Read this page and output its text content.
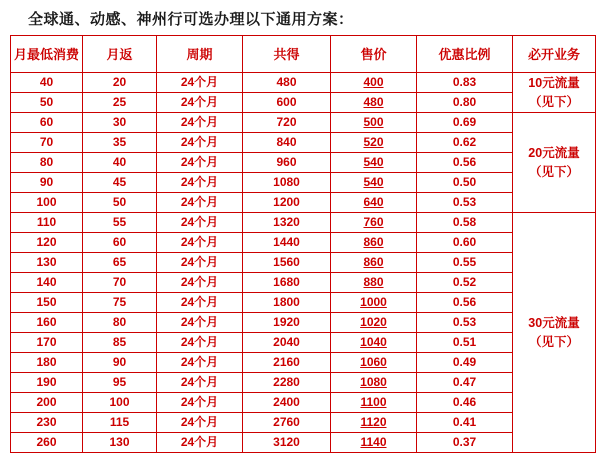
全球通、动感、神州行可选办理以下通用方案：
月最低消费	月返	周期	共得	售价	优惠比例	必开业务
40	20	24个月	480	400	0.83	10元流量
（见下）

50	25	24个月	600	480	0.80	
60	30	24个月	720	500	0.69	20元流量
（见下）

70	35	24个月	840	520	0.62	
80	40	24个月	960	540	0.56	
90	45	24个月	1080	540	0.50	
100	50	24个月	1200	640	0.53	
110	55	24个月	1320	760	0.58	30元流量
（见下）

120	60	24个月	1440	860	0.60	
130	65	24个月	1560	860	0.55	
140	70	24个月	1680	880	0.52	
150	75	24个月	1800	1000	0.56	
160	80	24个月	1920	1020	0.53	
170	85	24个月	2040	1040	0.51	
180	90	24个月	2160	1060	0.49	
190	95	24个月	2280	1080	0.47	
200	100	24个月	2400	1100	0.46	
230	115	24个月	2760	1120	0.41	
260	130	24个月	3120	1140	0.37	
